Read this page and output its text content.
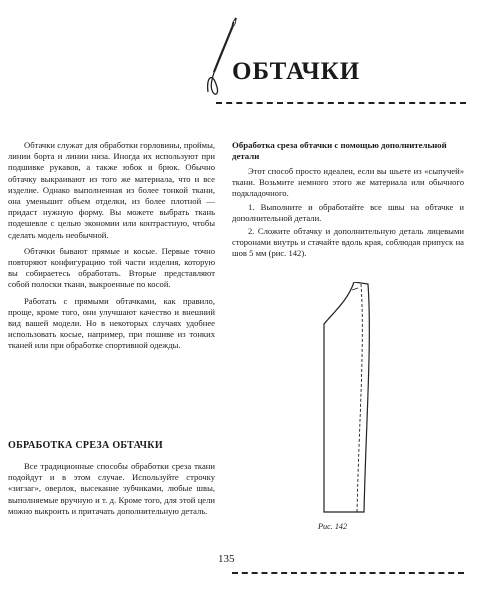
ОБТАЧКИ

Обтачки служат для обработки горловины, проймы, линии борта и линии низа. Иногда их используют при подшивке рукавов, а также юбок и брюк. Обычно обтачку выкраивают из того же материала, что и все изделие. Однако выполненная из более тонкой ткани, она уменьшит объем отделки, из более плотной — придаст нужную форму. Вы можете выбрать ткань подешевле с целью экономии или контрастную, чтобы сделать модель необычной.

Обтачки бывают прямые и косые. Первые точно повторяют конфигурацию той части изделия, которую вы собираетесь обработать. Вторые представляют собой полоски ткани, выкроенные по косой.

Работать с прямыми обтачками, как правило, проще, кроме того, они улучшают качество и внешний вид вашей модели. Но в некоторых случаях удобнее использовать косые, например, при пошиве из тонких тканей или при обработке спортивной одежды.

ОБРАБОТКА СРЕЗА ОБТАЧКИ

Все традиционные способы обработки среза ткани подойдут и в этом случае. Используйте строчку «зигзаг», оверлок, высекание зубчиками, любые швы, выполняемые вручную и т. д. Кроме того, для этой цели можно выкроить и притачать дополнительную деталь.

Обработка среза обтачки с помощью дополнительной детали

Этот способ просто идеален, если вы шьете из «сыпучей» ткани. Возьмите немного этого же материала или обычного подкладочного.

1. Выполните и обработайте все швы на обтачке и дополнительной детали.

2. Сложите обтачку и дополнительную деталь лицевыми сторонами внутрь и стачайте вдоль края, соблюдая припуск на шов 5 мм (рис. 142).

Рис. 142
135
